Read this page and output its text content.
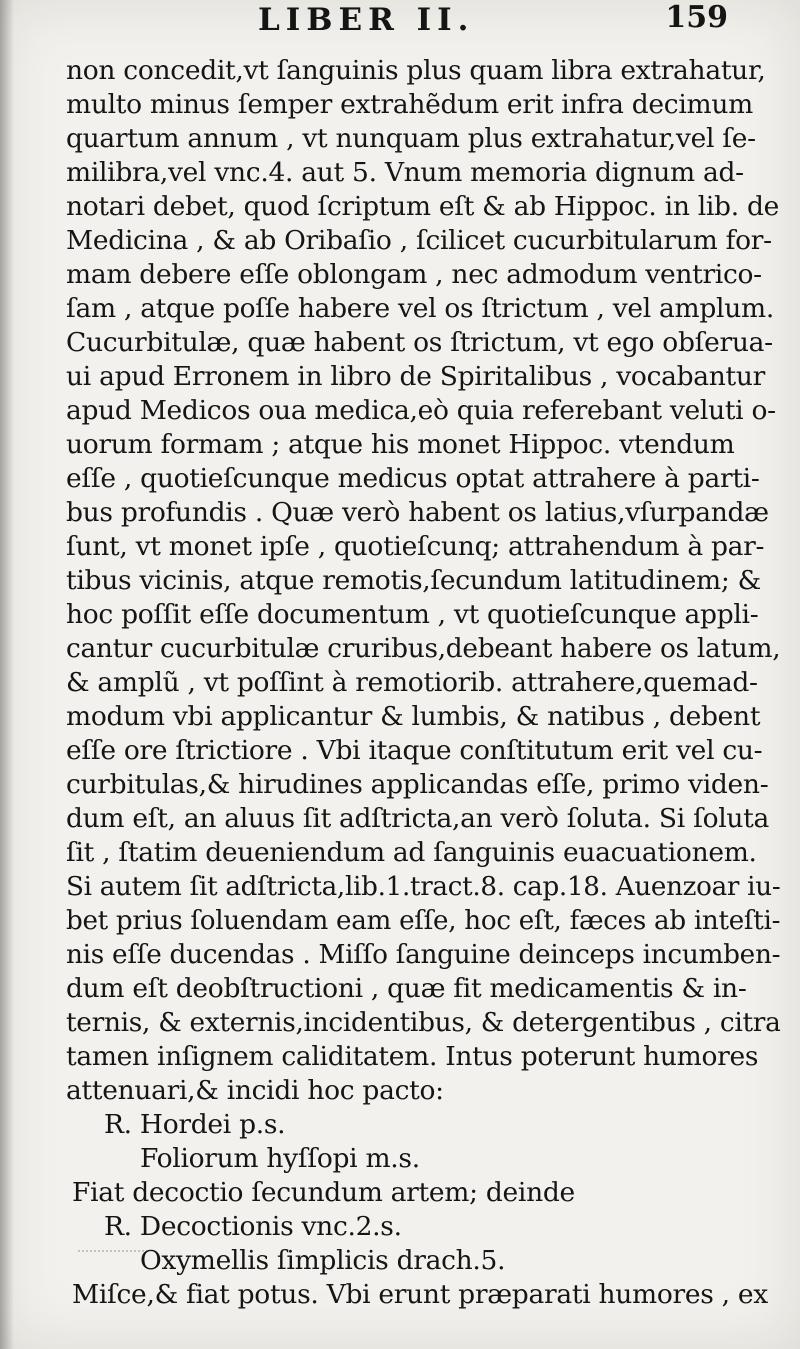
LIBER II.	159
non concedit,vt ſanguinis plus quam libra extrahatur,
multo minus ſemper extrahẽdum erit infra decimum
quartum annum , vt nunquam plus extrahatur,vel ſe-
milibra,vel vnc.4. aut 5. Vnum memoria dignum ad-
notari debet, quod ſcriptum eſt & ab Hippoc. in lib. de
Medicina , & ab Oribaſio , ſcilicet cucurbitularum for-
mam debere eſſe oblongam , nec admodum ventrico-
ſam , atque poſſe habere vel os ſtrictum , vel amplum.
Cucurbitulæ, quæ habent os ſtrictum, vt ego obſerua-
ui apud Erronem in libro de Spiritalibus , vocabantur
apud Medicos oua medica,eò quia referebant veluti o-
uorum formam ; atque his monet Hippoc. vtendum
eſſe , quotieſcunque medicus optat attrahere à parti-
bus profundis . Quæ verò habent os latius,vſurpandæ
ſunt, vt monet ipſe , quotieſcunq; attrahendum à par-
tibus vicinis, atque remotis,ſecundum latitudinem; &
hoc poſſit eſſe documentum , vt quotieſcunque appli-
cantur cucurbitulæ cruribus,debeant habere os latum,
& amplũ , vt poſſint à remotiorib. attrahere,quemad-
modum vbi applicantur & lumbis, & natibus , debent
eſſe ore ſtrictiore . Vbi itaque conſtitutum erit vel cu-
curbitulas,& hirudines applicandas eſſe, primo viden-
dum eſt, an aluus ſit adſtricta,an verò ſoluta. Si ſoluta
ſit , ſtatim deueniendum ad ſanguinis euacuationem.
Si autem ſit adſtricta,lib.1.tract.8. cap.18. Auenzoar iu-
bet prius ſoluendam eam eſſe, hoc eſt, fæces ab inteſti-
nis eſſe ducendas . Miſſo ſanguine deinceps incumben-
dum eſt deobſtructioni , quæ fit medicamentis & in-
ternis, & externis,incidentibus, & detergentibus , citra
tamen inſignem caliditatem. Intus poterunt humores
attenuari,& incidi hoc pacto:
R. Hordei p.s.
Foliorum hyſſopi m.s.
Fiat decoctio ſecundum artem; deinde
R. Decoctionis vnc.2.s.
Oxymellis ſimplicis drach.5.
Miſce,& fiat potus. Vbi erunt præparati humores , ex
